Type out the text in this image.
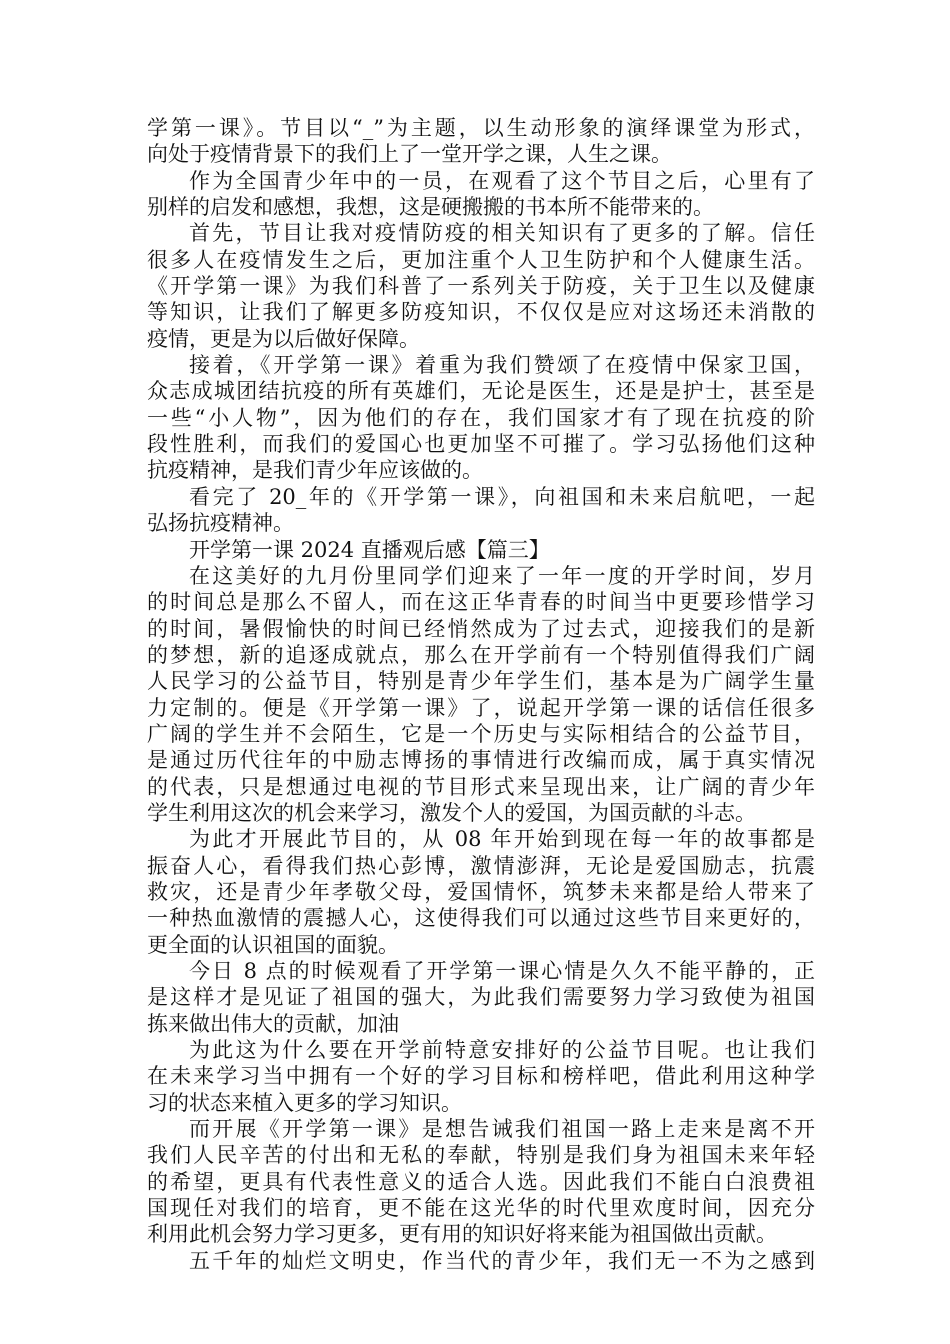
学第一课》。节目以“_”为主题，以生动形象的演绎课堂为形式，
向处于疫情背景下的我们上了一堂开学之课，人生之课。
作为全国青少年中的一员，在观看了这个节目之后，心里有了
别样的启发和感想，我想，这是硬搬搬的书本所不能带来的。
首先，节目让我对疫情防疫的相关知识有了更多的了解。信任
很多人在疫情发生之后，更加注重个人卫生防护和个人健康生活。
《开学第一课》为我们科普了一系列关于防疫，关于卫生以及健康
等知识，让我们了解更多防疫知识，不仅仅是应对这场还未消散的
疫情，更是为以后做好保障。
接着，《开学第一课》着重为我们赞颂了在疫情中保家卫国，
众志成城团结抗疫的所有英雄们，无论是医生，还是是护士，甚至是
一些“小人物”，因为他们的存在，我们国家才有了现在抗疫的阶
段性胜利，而我们的爱国心也更加坚不可摧了。学习弘扬他们这种
抗疫精神，是我们青少年应该做的。
看完了 20_年的《开学第一课》，向祖国和未来启航吧，一起
弘扬抗疫精神。
开学第一课 2024 直播观后感【篇三】
在这美好的九月份里同学们迎来了一年一度的开学时间，岁月
的时间总是那么不留人，而在这正华青春的时间当中更要珍惜学习
的时间，暑假愉快的时间已经悄然成为了过去式，迎接我们的是新
的梦想，新的追逐成就点，那么在开学前有一个特别值得我们广阔
人民学习的公益节目，特别是青少年学生们，基本是为广阔学生量
力定制的。便是《开学第一课》了，说起开学第一课的话信任很多
广阔的学生并不会陌生，它是一个历史与实际相结合的公益节目，
是通过历代往年的中励志博扬的事情进行改编而成，属于真实情况
的代表，只是想通过电视的节目形式来呈现出来，让广阔的青少年
学生利用这次的机会来学习，激发个人的爱国，为国贡献的斗志。
为此才开展此节目的，从 08 年开始到现在每一年的故事都是
振奋人心，看得我们热心彭博，激情澎湃，无论是爱国励志，抗震
救灾，还是青少年孝敬父母，爱国情怀，筑梦未来都是给人带来了
一种热血激情的震撼人心，这使得我们可以通过这些节目来更好的，
更全面的认识祖国的面貌。
今日 8 点的时候观看了开学第一课心情是久久不能平静的，正
是这样才是见证了祖国的强大，为此我们需要努力学习致使为祖国
拣来做出伟大的贡献，加油
为此这为什么要在开学前特意安排好的公益节目呢。也让我们
在未来学习当中拥有一个好的学习目标和榜样吧，借此利用这种学
习的状态来植入更多的学习知识。
而开展《开学第一课》是想告诫我们祖国一路上走来是离不开
我们人民辛苦的付出和无私的奉献，特别是我们身为祖国未来年轻
的希望，更具有代表性意义的适合人选。因此我们不能白白浪费祖
国现任对我们的培育，更不能在这光华的时代里欢度时间，因充分
利用此机会努力学习更多，更有用的知识好将来能为祖国做出贡献。
五千年的灿烂文明史，作当代的青少年，我们无一不为之感到
